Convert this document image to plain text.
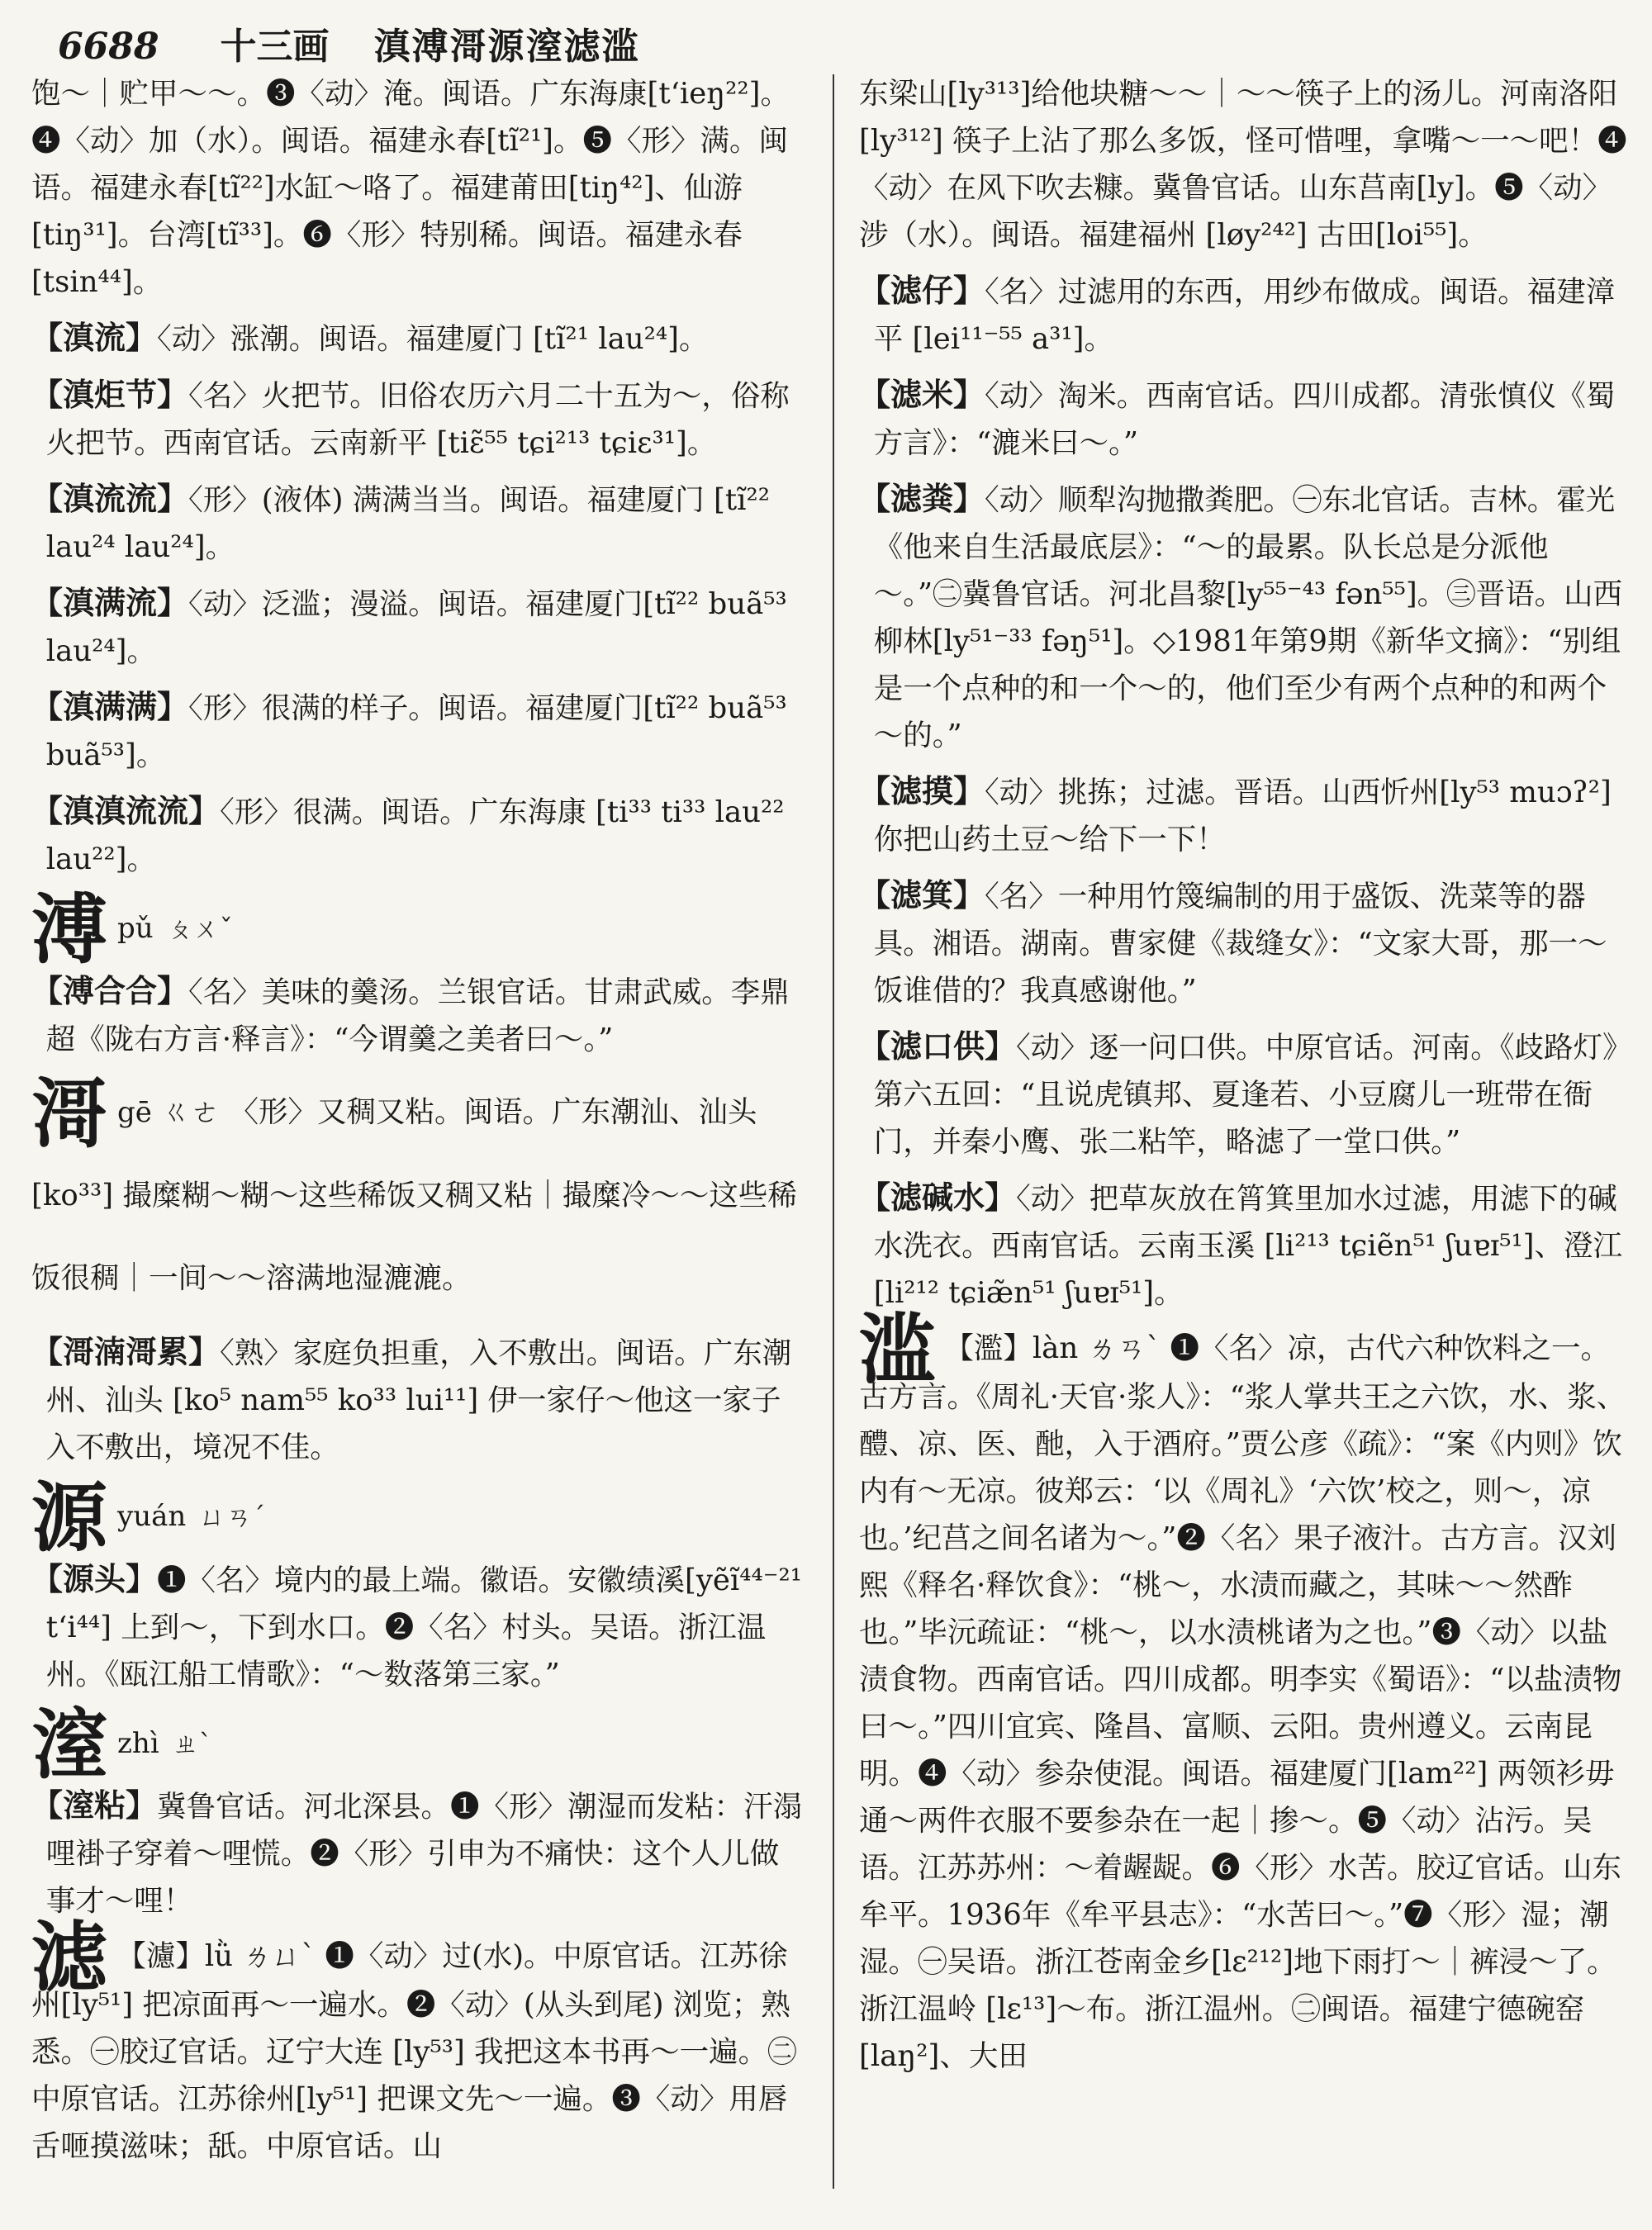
6688 十三画 滇溥滒源潌滤滥

饱～｜贮甲～～。❸〈动〉淹。闽语。广东海康[t‘ieŋ²²]。❹〈动〉加（水）。闽语。福建永春[tĩ²¹]。❺〈形〉满。闽语。福建永春[tĩ²²]水缸～咯了。福建莆田[tiŋ⁴²]、仙游[tiŋ³¹]。台湾[tĩ³³]。❻〈形〉特别稀。闽语。福建永春[tsin⁴⁴]。

【滇流】〈动〉涨潮。闽语。福建厦门 [tĩ²¹ lau²⁴]。

【滇炬节】〈名〉火把节。旧俗农历六月二十五为～，俗称火把节。西南官话。云南新平 [tiɛ̃⁵⁵ tɕi²¹³ tɕiɛ³¹]。

【滇流流】〈形〉(液体) 满满当当。闽语。福建厦门 [tĩ²² lau²⁴ lau²⁴]。

【滇满流】〈动〉泛滥；漫溢。闽语。福建厦门[tĩ²² buã⁵³ lau²⁴]。

【滇满满】〈形〉很满的样子。闽语。福建厦门[tĩ²² buã⁵³ buã⁵³]。

【滇滇流流】〈形〉很满。闽语。广东海康 [ti³³ ti³³ lau²² lau²²]。

溥pǔ ㄆㄨˇ

【溥合合】〈名〉美味的羹汤。兰银官话。甘肃武威。李鼎超《陇右方言·释言》：“今谓羹之美者曰～。”

滒gē ㄍㄜ 〈形〉又稠又粘。闽语。广东潮汕、汕头[ko³³] 撮糜糊～糊～这些稀饭又稠又粘｜撮糜冷～～这些稀饭很稠｜一间～～溶满地湿漉漉。

【滒湳滒累】〈熟〉家庭负担重，入不敷出。闽语。广东潮州、汕头 [ko⁵ nam⁵⁵ ko³³ lui¹¹] 伊一家仔～他这一家子入不敷出，境况不佳。

源yuán ㄩㄢˊ

【源头】❶〈名〉境内的最上端。徽语。安徽绩溪[yẽĩ⁴⁴⁻²¹ t‘i⁴⁴] 上到～，下到水口。❷〈名〉村头。吴语。浙江温州。《瓯江船工情歌》：“～数落第三家。”

潌zhì ㄓˋ

【潌粘】冀鲁官话。河北深县。❶〈形〉潮湿而发粘：汗溻哩褂子穿着～哩慌。❷〈形〉引申为不痛快：这个人儿做事才～哩！

滤 【濾】lǜ ㄌㄩˋ ❶〈动〉过(水)。中原官话。江苏徐州[ly⁵¹] 把凉面再～一遍水。❷〈动〉(从头到尾) 浏览；熟悉。㊀胶辽官话。辽宁大连 [ly⁵³] 我把这本书再～一遍。㊁中原官话。江苏徐州[ly⁵¹] 把课文先～一遍。❸〈动〉用唇舌咂摸滋味；舐。中原官话。山

东梁山[ly³¹³]给他块糖～～｜～～筷子上的汤儿。河南洛阳 [ly³¹²] 筷子上沾了那么多饭，怪可惜哩，拿嘴～一～吧！❹〈动〉在风下吹去糠。冀鲁官话。山东莒南[ly]。❺〈动〉涉（水）。闽语。福建福州 [løy²⁴²] 古田[loi⁵⁵]。

【滤仔】〈名〉过滤用的东西，用纱布做成。闽语。福建漳平 [lei¹¹⁻⁵⁵ a³¹]。

【滤米】〈动〉淘米。西南官话。四川成都。清张慎仪《蜀方言》：“漉米曰～。”

【滤粪】〈动〉顺犁沟抛撒粪肥。㊀东北官话。吉林。霍光《他来自生活最底层》：“～的最累。队长总是分派他～。”㊁冀鲁官话。河北昌黎[ly⁵⁵⁻⁴³ fən⁵⁵]。㊂晋语。山西柳林[ly⁵¹⁻³³ fəŋ⁵¹]。◇1981年第9期《新华文摘》：“别组是一个点种的和一个～的，他们至少有两个点种的和两个～的。”

【滤摸】〈动〉挑拣；过滤。晋语。山西忻州[ly⁵³ muɔʔ²] 你把山药土豆～给下一下！

【滤箕】〈名〉一种用竹篾编制的用于盛饭、洗菜等的器具。湘语。湖南。曹家健《裁缝女》：“文家大哥，那一～饭谁借的？我真感谢他。”

【滤口供】〈动〉逐一问口供。中原官话。河南。《歧路灯》第六五回：“且说虎镇邦、夏逢若、小豆腐儿一班带在衙门，并秦小鹰、张二粘竿，略滤了一堂口供。”

【滤碱水】〈动〉把草灰放在筲箕里加水过滤，用滤下的碱水洗衣。西南官话。云南玉溪 [li²¹³ tɕiẽn⁵¹ ʃuɐɪ⁵¹]、澄江 [li²¹² tɕiæ̃n⁵¹ ʃuɐɪ⁵¹]。

滥 【濫】làn ㄌㄢˋ ❶〈名〉凉，古代六种饮料之一。古方言。《周礼·天官·浆人》：“浆人掌共王之六饮，水、浆、醴、凉、医、酏，入于酒府。”贾公彦《疏》：“案《内则》饮内有～无凉。彼郑云：‘以《周礼》‘六饮’校之，则～，凉也。’纪莒之间名诸为～。”❷〈名〉果子液汁。古方言。汉刘熙《释名·释饮食》：“桃～，水渍而藏之，其味～～然酢也。”毕沅疏证：“桃～，以水渍桃诸为之也。”❸〈动〉以盐渍食物。西南官话。四川成都。明李实《蜀语》：“以盐渍物曰～。”四川宜宾、隆昌、富顺、云阳。贵州遵义。云南昆明。❹〈动〉参杂使混。闽语。福建厦门[lam²²] 两领衫毋通～两件衣服不要参杂在一起｜掺～。❺〈动〉沾污。吴语。江苏苏州：～着龌龊。❻〈形〉水苦。胶辽官话。山东牟平。1936年《牟平县志》：“水苦曰～。”❼〈形〉湿；潮湿。㊀吴语。浙江苍南金乡[lɛ²¹²]地下雨打～｜裤浸～了。浙江温岭 [lɛ¹³]～布。浙江温州。㊁闽语。福建宁德碗窑[laŋ²]、大田
